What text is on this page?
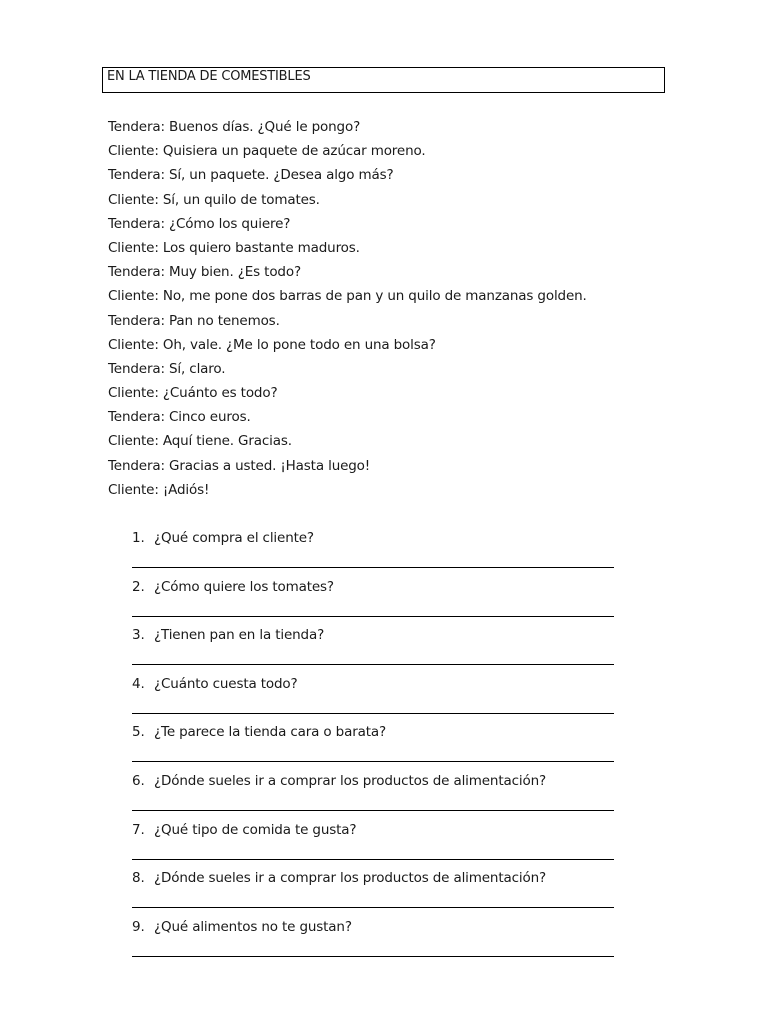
EN LA TIENDA DE COMESTIBLES
Tendera: Buenos días. ¿Qué le pongo?
Cliente: Quisiera un paquete de azúcar moreno.
Tendera: Sí, un paquete. ¿Desea algo más?
Cliente: Sí, un quilo de tomates.
Tendera: ¿Cómo los quiere?
Cliente: Los quiero bastante maduros.
Tendera: Muy bien. ¿Es todo?
Cliente: No, me pone dos barras de pan y un quilo de manzanas golden.
Tendera: Pan no tenemos.
Cliente: Oh, vale. ¿Me lo pone todo en una bolsa?
Tendera: Sí, claro.
Cliente: ¿Cuánto es todo?
Tendera: Cinco euros.
Cliente: Aquí tiene. Gracias.
Tendera: Gracias a usted. ¡Hasta luego!
Cliente: ¡Adiós!
1. ¿Qué compra el cliente?
2. ¿Cómo quiere los tomates?
3. ¿Tienen pan en la tienda?
4. ¿Cuánto cuesta todo?
5. ¿Te parece la tienda cara o barata?
6. ¿Dónde sueles ir a comprar los productos de alimentación?
7. ¿Qué tipo de comida te gusta?
8. ¿Dónde sueles ir a comprar los productos de alimentación?
9. ¿Qué alimentos no te gustan?
